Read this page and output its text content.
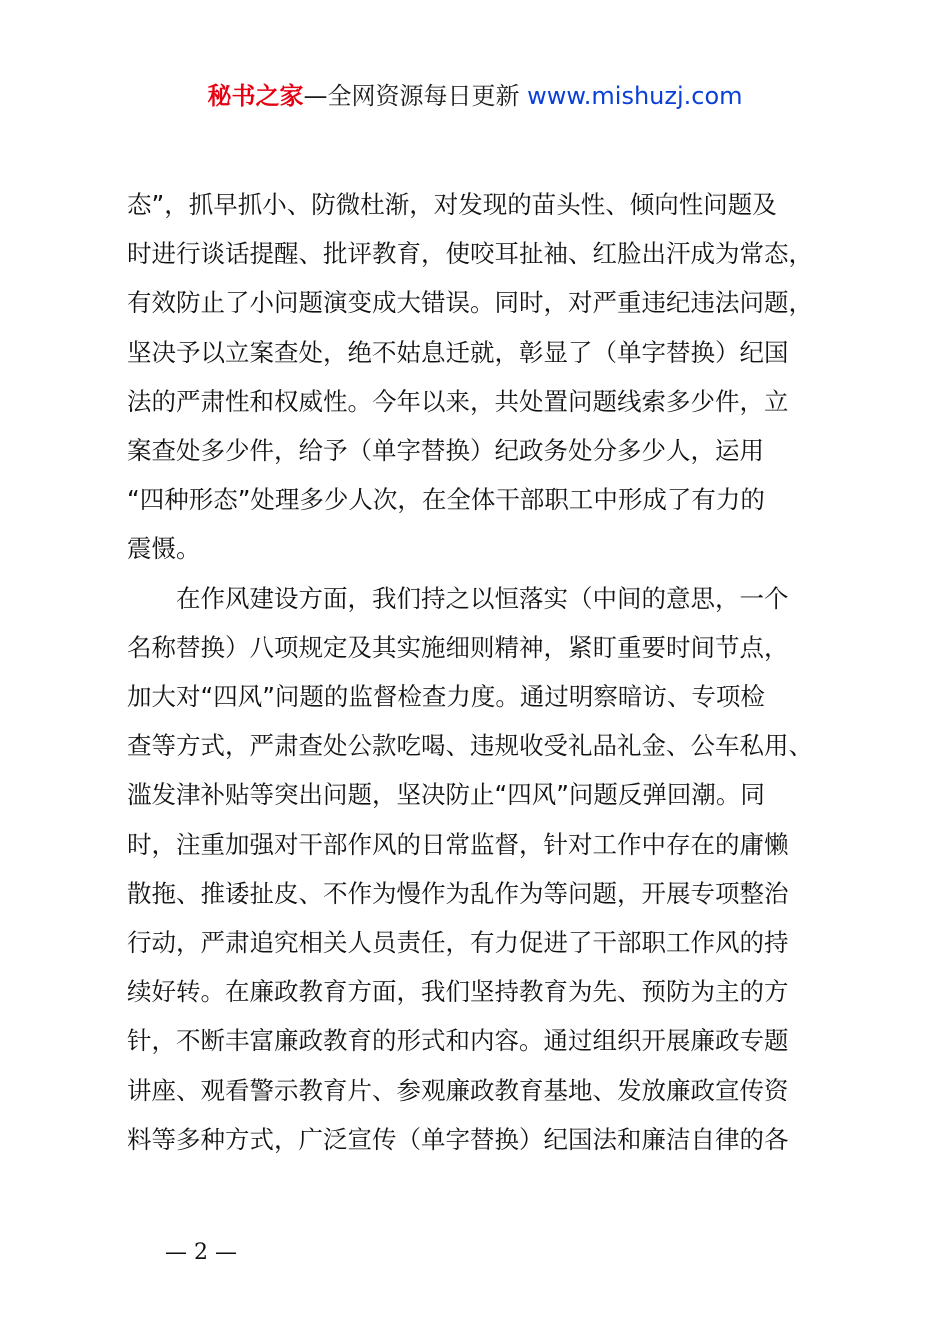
秘书之家—全网资源每日更新 www.mishuzj.com
态”，抓早抓小、防微杜渐，对发现的苗头性、倾向性问题及
时进行谈话提醒、批评教育，使咬耳扯袖、红脸出汗成为常态，
有效防止了小问题演变成大错误。同时，对严重违纪违法问题，
坚决予以立案查处，绝不姑息迁就，彰显了（单字替换）纪国
法的严肃性和权威性。今年以来，共处置问题线索多少件，立
案查处多少件，给予（单字替换）纪政务处分多少人，运用
“四种形态”处理多少人次，在全体干部职工中形成了有力的
震慑。
在作风建设方面，我们持之以恒落实（中间的意思，一个
名称替换）八项规定及其实施细则精神，紧盯重要时间节点，
加大对“四风”问题的监督检查力度。通过明察暗访、专项检
查等方式，严肃查处公款吃喝、违规收受礼品礼金、公车私用、
滥发津补贴等突出问题，坚决防止“四风”问题反弹回潮。同
时，注重加强对干部作风的日常监督，针对工作中存在的庸懒
散拖、推诿扯皮、不作为慢作为乱作为等问题，开展专项整治
行动，严肃追究相关人员责任，有力促进了干部职工作风的持
续好转。在廉政教育方面，我们坚持教育为先、预防为主的方
针，不断丰富廉政教育的形式和内容。通过组织开展廉政专题
讲座、观看警示教育片、参观廉政教育基地、发放廉政宣传资
料等多种方式，广泛宣传（单字替换）纪国法和廉洁自律的各
— 2 —
